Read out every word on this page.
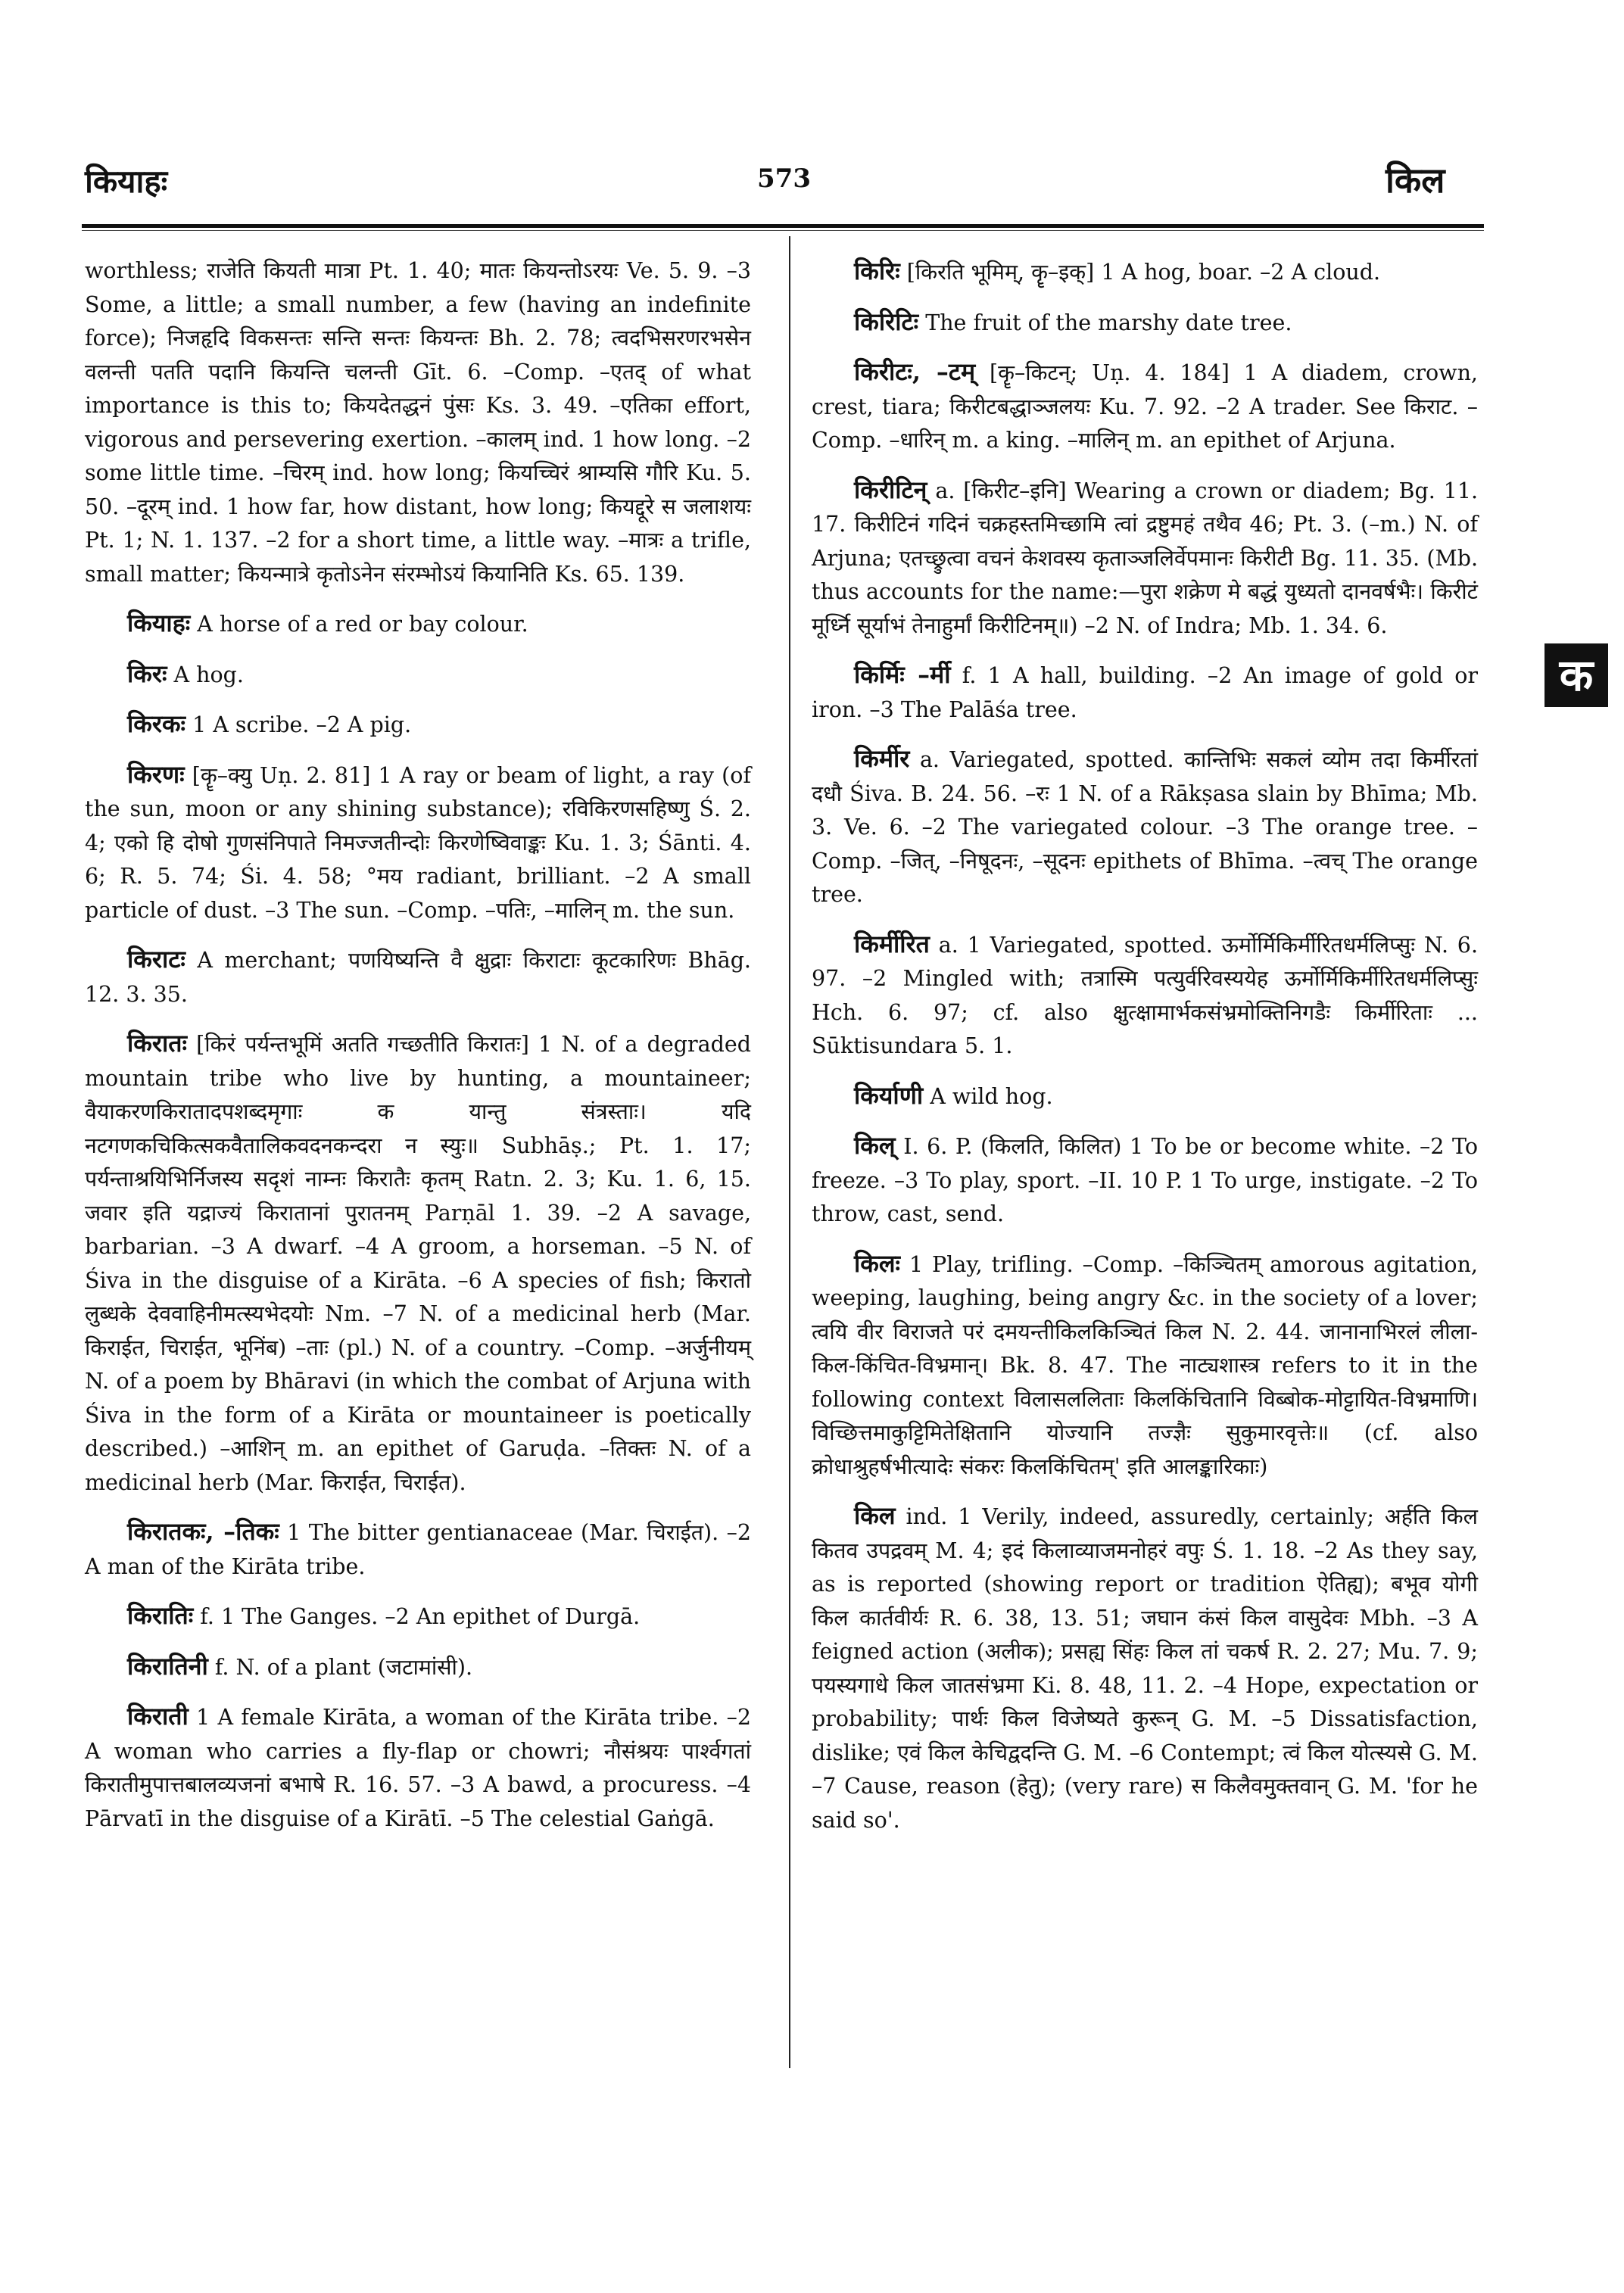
कियाहः	573	किल

worthless; राजेति कियती मात्रा Pt. 1. 40; मातः कियन्तोऽरयः Ve. 5. 9. –3 Some, a little; a small number, a few (having an indefinite force); निजहृदि विकसन्तः सन्ति सन्तः कियन्तः Bh. 2. 78; त्वदभिसरणरभसेन वलन्ती पतति पदानि कियन्ति चलन्ती Gīt. 6. –Comp. –एतद् of what importance is this to; कियदेतद्धनं पुंसः Ks. 3. 49. –एतिका effort, vigorous and persevering exertion. –कालम् ind. 1 how long. –2 some little time. –चिरम् ind. how long; कियच्चिरं श्राम्यसि गौरि Ku. 5. 50. –दूरम् ind. 1 how far, how distant, how long; कियद्दूरे स जलाशयः Pt. 1; N. 1. 137. –2 for a short time, a little way. –मात्रः a trifle, small matter; कियन्मात्रे कृतोऽनेन संरम्भोऽयं कियानिति Ks. 65. 139.

कियाहः A horse of a red or bay colour.

किरः A hog.

किरकः 1 A scribe. –2 A pig.

किरणः [कॄ–क्यु Uṇ. 2. 81] 1 A ray or beam of light, a ray (of the sun, moon or any shining substance); रविकिरणसहिष्णु Ś. 2. 4; एको हि दोषो गुणसंनिपाते निमज्जतीन्दोः किरणेष्विवाङ्कः Ku. 1. 3; Śānti. 4. 6; R. 5. 74; Śi. 4. 58; °मय radiant, brilliant. –2 A small particle of dust. –3 The sun. –Comp. –पतिः, –मालिन् m. the sun.

किराटः A merchant; पणयिष्यन्ति वै क्षुद्राः किराटाः कूटकारिणः Bhāg. 12. 3. 35.

किरातः [किरं पर्यन्तभूमिं अतति गच्छतीति किरातः] 1 N. of a degraded mountain tribe who live by hunting, a mountaineer; वैयाकरणकिरातादपशब्दमृगाः क यान्तु संत्रस्ताः। यदि नटगणकचिकित्सकवैतालिकवदनकन्दरा न स्युः॥ Subhāṣ.; Pt. 1. 17; पर्यन्ताश्रयिभिर्निजस्य सदृशं नाम्नः किरातैः कृतम् Ratn. 2. 3; Ku. 1. 6, 15. जवार इति यद्राज्यं किरातानां पुरातनम् Parṇāl 1. 39. –2 A savage, barbarian. –3 A dwarf. –4 A groom, a horseman. –5 N. of Śiva in the disguise of a Kirāta. –6 A species of fish; किरातो लुब्धके देववाहिनीमत्स्यभेदयोः Nm. –7 N. of a medicinal herb (Mar. किराईत, चिराईत, भूनिंब) –ताः (pl.) N. of a country. –Comp. –अर्जुनीयम् N. of a poem by Bhāravi (in which the combat of Arjuna with Śiva in the form of a Kirāta or mountaineer is poetically described.) –आशिन् m. an epithet of Garuḍa. –तिक्तः N. of a medicinal herb (Mar. किराईत, चिराईत).

किरातकः, –तिकः 1 The bitter gentianaceae (Mar. चिराईत). –2 A man of the Kirāta tribe.

किरातिः f. 1 The Ganges. –2 An epithet of Durgā.

किरातिनी f. N. of a plant (जटामांसी).

किराती 1 A female Kirāta, a woman of the Kirāta tribe. –2 A woman who carries a fly-flap or chowri; नौसंश्रयः पार्श्वगतां किरातीमुपात्तबालव्यजनां बभाषे R. 16. 57. –3 A bawd, a procuress. –4 Pārvatī in the disguise of a Kirātī. –5 The celestial Gaṅgā.

किरिः [किरति भूमिम्, कॄ–इक्] 1 A hog, boar. –2 A cloud.

किरिटिः The fruit of the marshy date tree.

किरीटः, –टम् [कॄ–किटन्; Uṇ. 4. 184] 1 A diadem, crown, crest, tiara; किरीटबद्धाञ्जलयः Ku. 7. 92. –2 A trader. See किराट. –Comp. –धारिन् m. a king. –मालिन् m. an epithet of Arjuna.

किरीटिन् a. [किरीट–इनि] Wearing a crown or diadem; Bg. 11. 17. किरीटिनं गदिनं चक्रहस्तमिच्छामि त्वां द्रष्टुमहं तथैव 46; Pt. 3. (–m.) N. of Arjuna; एतच्छ्रुत्वा वचनं केशवस्य कृताञ्जलिर्वेपमानः किरीटी Bg. 11. 35. (Mb. thus accounts for the name:—पुरा शक्रेण मे बद्धं युध्यतो दानवर्षभैः। किरीटं मूर्ध्नि सूर्याभं तेनाहुर्मां किरीटिनम्॥) –2 N. of Indra; Mb. 1. 34. 6.

किर्मिः –र्मी f. 1 A hall, building. –2 An image of gold or iron. –3 The Palāśa tree.

किर्मीर a. Variegated, spotted. कान्तिभिः सकलं व्योम तदा किर्मीरतां दधौ Śiva. B. 24. 56. –रः 1 N. of a Rākṣasa slain by Bhīma; Mb. 3. Ve. 6. –2 The variegated colour. –3 The orange tree. –Comp. –जित्, –निषूदनः, –सूदनः epithets of Bhīma. –त्वच् The orange tree.

किर्मीरित a. 1 Variegated, spotted. ऊर्मोर्मिकिर्मीरितधर्मलिप्सुः N. 6. 97. –2 Mingled with; तत्रास्मि पत्युर्वरिवस्ययेह ऊर्मोर्मिकिर्मीरितधर्मलिप्सुः Hch. 6. 97; cf. also क्षुत्क्षामार्भकसंभ्रमोक्तिनिगडैः किर्मीरिताः ... Sūktisundara 5. 1.

किर्याणी A wild hog.

किल् I. 6. P. (किलति, किलित) 1 To be or become white. –2 To freeze. –3 To play, sport. –II. 10 P. 1 To urge, instigate. –2 To throw, cast, send.

किलः 1 Play, trifling. –Comp. –किञ्चितम् amorous agitation, weeping, laughing, being angry &c. in the society of a lover; त्वयि वीर विराजते परं दमयन्तीकिलकिञ्चितं किल N. 2. 44. जानानाभिरलं लीला-किल-किंचित-विभ्रमान्। Bk. 8. 47. The नाट्यशास्त्र refers to it in the following context विलासललिताः किलकिंचितानि विब्बोक-मोट्टायित-विभ्रमाणि। विच्छित्तमाकुट्टिमितेक्षितानि योज्यानि तज्ज्ञैः सुकुमारवृत्तेः॥ (cf. also क्रोधाश्रुहर्षभीत्यादेः संकरः किलकिंचितम्' इति आलङ्कारिकाः)

किल ind. 1 Verily, indeed, assuredly, certainly; अर्हति किल कितव उपद्रवम् M. 4; इदं किलाव्याजमनोहरं वपुः Ś. 1. 18. –2 As they say, as is reported (showing report or tradition ऐतिह्य); बभूव योगी किल कार्तवीर्यः R. 6. 38, 13. 51; जघान कंसं किल वासुदेवः Mbh. –3 A feigned action (अलीक); प्रसह्य सिंहः किल तां चकर्ष R. 2. 27; Mu. 7. 9; पयस्यगाधे किल जातसंभ्रमा Ki. 8. 48, 11. 2. –4 Hope, expectation or probability; पार्थः किल विजेष्यते कुरून् G. M. –5 Dissatisfaction, dislike; एवं किल केचिद्वदन्ति G. M. –6 Contempt; त्वं किल योत्स्यसे G. M. –7 Cause, reason (हेतु); (very rare) स किलैवमुक्तवान् G. M. 'for he said so'.

क
